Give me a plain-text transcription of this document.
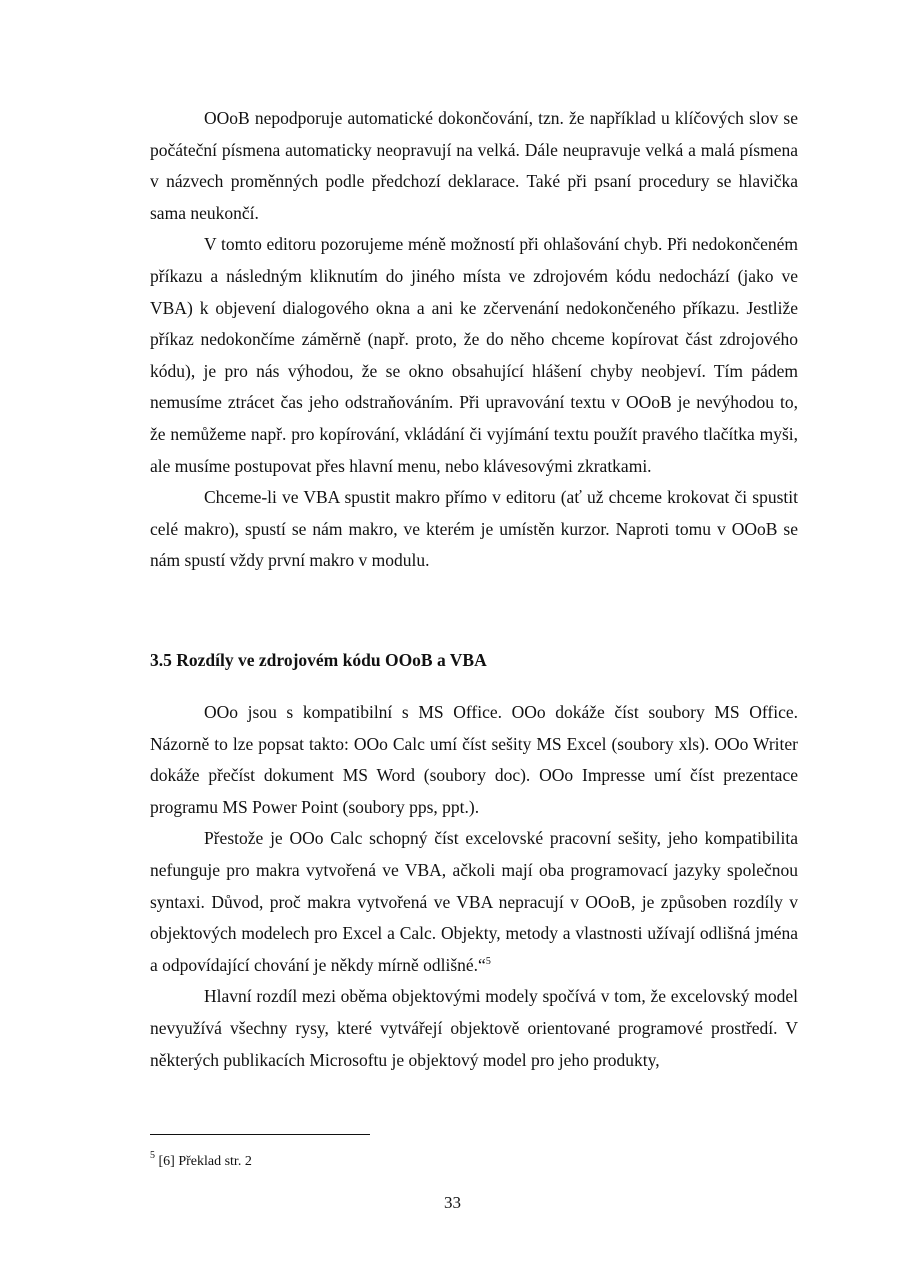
OOoB nepodporuje automatické dokončování, tzn. že například u klíčových slov se počáteční písmena automaticky neopravují na velká. Dále neupravuje velká a malá písmena v názvech proměnných podle předchozí deklarace. Také při psaní procedury se hlavička sama neukončí.

V tomto editoru pozorujeme méně možností při ohlašování chyb. Při nedokončeném příkazu a následným kliknutím do jiného místa ve zdrojovém kódu nedochází (jako ve VBA) k objevení dialogového okna a ani ke zčervenání nedokončeného příkazu. Jestliže příkaz nedokončíme záměrně (např. proto, že do něho chceme kopírovat část zdrojového kódu), je pro nás výhodou, že se okno obsahující hlášení chyby neobjeví. Tím pádem nemusíme ztrácet čas jeho odstraňováním. Při upravování textu v OOoB je nevýhodou to, že nemůžeme např. pro kopírování, vkládání či vyjímání textu použít pravého tlačítka myši, ale musíme postupovat přes hlavní menu, nebo klávesovými zkratkami.

Chceme-li ve VBA spustit makro přímo v editoru (ať už chceme krokovat či spustit celé makro), spustí se nám makro, ve kterém je umístěn kurzor. Naproti tomu v OOoB se nám spustí vždy první makro v modulu.

3.5 Rozdíly ve zdrojovém kódu OOoB a VBA

OOo jsou s kompatibilní s MS Office. OOo dokáže číst soubory MS Office. Názorně to lze popsat takto: OOo Calc umí číst sešity MS Excel (soubory xls). OOo Writer dokáže přečíst dokument MS Word (soubory doc). OOo Impresse umí číst prezentace programu MS Power Point (soubory pps, ppt.).

Přestože je OOo Calc schopný číst excelovské pracovní sešity, jeho kompatibilita nefunguje pro makra vytvořená ve VBA, ačkoli mají oba programovací jazyky společnou syntaxi. Důvod, proč makra vytvořená ve VBA nepracují v OOoB, je způsoben rozdíly v objektových modelech pro Excel a Calc. Objekty, metody a vlastnosti užívají odlišná jména a odpovídající chování je někdy mírně odlišné.“$^5$

Hlavní rozdíl mezi oběma objektovými modely spočívá v tom, že excelovský model nevyužívá všechny rysy, které vytvářejí objektově orientované programové prostředí. V některých publikacích Microsoftu je objektový model pro jeho produkty,

$^5$ [6] Překlad str. 2
33
